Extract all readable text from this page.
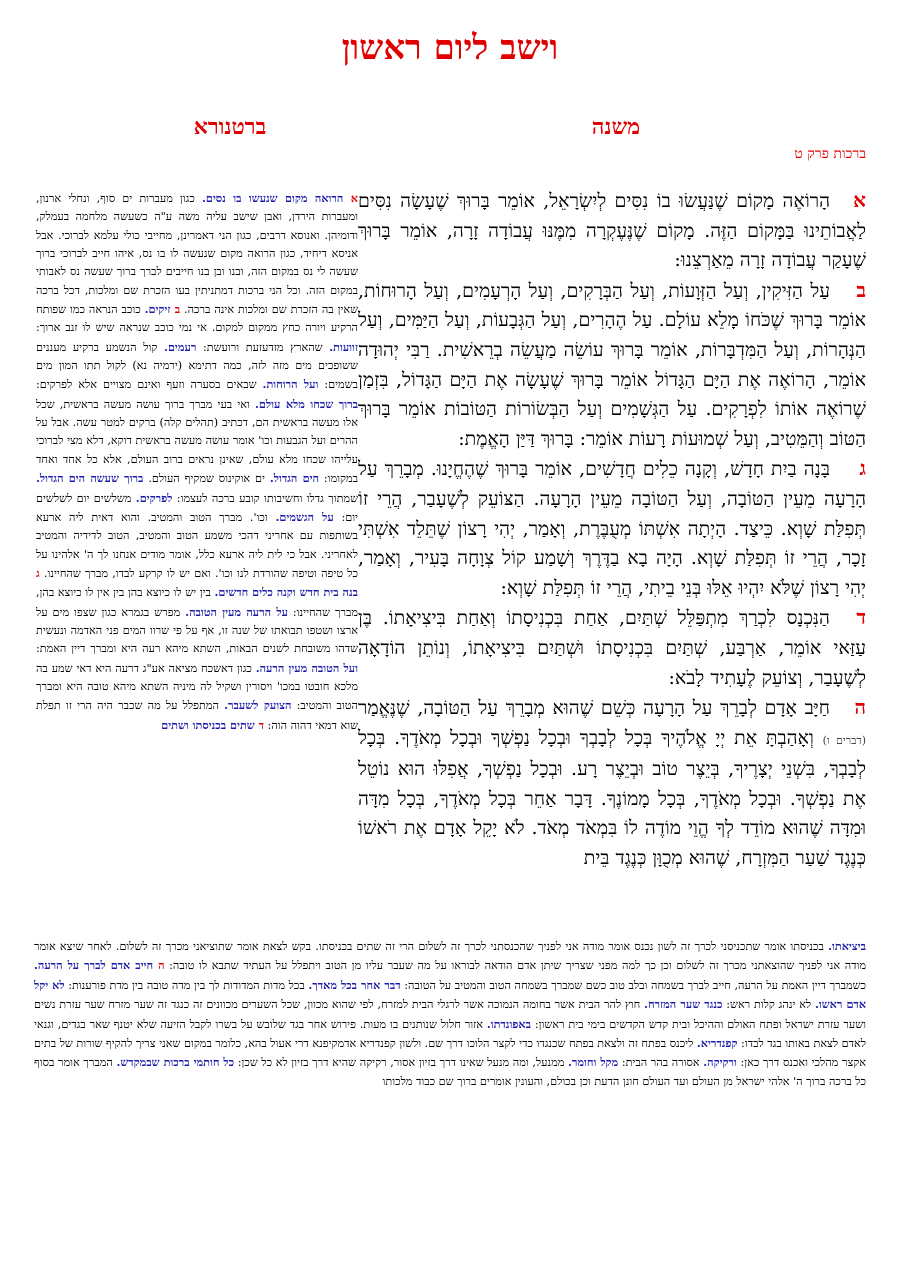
וישב ליום ראשון
משנה
ברטנורא
ברכות פרק ט

אהָרוֹאֶה מָקוֹם שֶׁנַּעֲשׂוּ בוֹ נִסִּים לְיִשְׂרָאֵל, אוֹמֵר בָּרוּךְ שֶׁעָשָׂה נִסִּים לַאֲבוֹתֵינוּ בַּמָּקוֹם הַזֶּה. מָקוֹם שֶׁנֶּעֶקְרָה מִמֶּנּוּ עֲבוֹדָה זָרָה, אוֹמֵר בָּרוּךְ שֶׁעָקַר עֲבוֹדָה זָרָה מֵאַרְצֵנוּ:

בעַל הַזִּיקִין, וְעַל הַזְּוָעוֹת, וְעַל הַבְּרָקִים, וְעַל הָרְעָמִים, וְעַל הָרוּחוֹת, אוֹמֵר בָּרוּךְ שֶׁכֹּחוֹ מָלֵא עוֹלָם. עַל הֶהָרִים, וְעַל הַגְּבָעוֹת, וְעַל הַיַּמִּים, וְעַל הַנְּהָרוֹת, וְעַל הַמִּדְבָּרוֹת, אוֹמֵר בָּרוּךְ עוֹשֵׂה מַעֲשֵׂה בְרֵאשִׁית. רַבִּי יְהוּדָה אוֹמֵר, הָרוֹאֶה אֶת הַיָּם הַגָּדוֹל אוֹמֵר בָּרוּךְ שֶׁעָשָׂה אֶת הַיָּם הַגָּדוֹל, בִּזְמַן שֶׁרוֹאֶה אוֹתוֹ לִפְרָקִים. עַל הַגְּשָׁמִים וְעַל הַבְּשׂוֹרוֹת הַטּוֹבוֹת אוֹמֵר בָּרוּךְ הַטּוֹב וְהַמֵּטִיב, וְעַל שְׁמוּעוֹת רָעוֹת אוֹמֵר: בָּרוּךְ דַּיַּן הָאֱמֶת:

גבָּנָה בַיִת חָדָשׁ, וְקָנָה כֵלִים חֲדָשִׁים, אוֹמֵר בָּרוּךְ שֶׁהֶחֱיָנוּ. מְבָרֵךְ עַל הָרָעָה מֵעֵין הַטּוֹבָה, וְעַל הַטּוֹבָה מֵעֵין הָרָעָה. הַצּוֹעֵק לְשֶׁעָבַר, הֲרֵי זוֹ תְּפִלַּת שָׁוְא. כֵּיצַד. הָיְתָה אִשְׁתּוֹ מְעֻבֶּרֶת, וְאָמַר, יְהִי רָצוֹן שֶׁתֵּלֵד אִשְׁתִּי זָכָר, הֲרֵי זוֹ תְּפִלַּת שָׁוְא. הָיָה בָא בַדֶּרֶךְ וְשָׁמַע קוֹל צְוָחָה בָּעִיר, וְאָמַר, יְהִי רָצוֹן שֶׁלֹּא יִהְיוּ אֵלּוּ בְּנֵי בֵיתִי, הֲרֵי זוֹ תְּפִלַּת שָׁוְא:

דהַנִּכְנָס לִכְרַךְ מִתְפַּלֵּל שְׁתַּיִם, אַחַת בִּכְנִיסָתוֹ וְאַחַת בִּיצִיאָתוֹ. בֶּן עַזַּאי אוֹמֵר, אַרְבַּע, שְׁתַּיִם בִּכְנִיסָתוֹ וּשְׁתַּיִם בִּיצִיאָתוֹ, וְנוֹתֵן הוֹדָאָה לְשֶׁעָבַר, וְצוֹעֵק לֶעָתִיד לָבֹא:

החַיָּב אָדָם לְבָרֵךְ עַל הָרָעָה כְּשֵׁם שֶׁהוּא מְבָרֵךְ עַל הַטּוֹבָה, שֶׁנֶּאֱמַר (דברים ו) וְאָהַבְתָּ אֵת יְיָ אֱלֹהֶיךָ בְּכָל לְבָבְךָ וּבְכָל נַפְשְׁךָ וּבְכָל מְאֹדֶךָ. בְּכָל לְבָבְךָ, בִּשְׁנֵי יְצָרֶיךָ, בְּיֵצֶר טוֹב וּבְיֵצֶר רָע. וּבְכָל נַפְשְׁךָ, אֲפִלּוּ הוּא נוֹטֵל אֶת נַפְשְׁךָ. וּבְכָל מְאֹדֶךָ, בְּכָל מָמוֹנֶךָ. דָּבָר אַחֵר בְּכָל מְאֹדֶךָ, בְּכָל מִדָּה וּמִדָּה שֶׁהוּא מוֹדֵד לְךָ הֱוֵי מוֹדֶה לוֹ בִּמְאֹד מְאֹד. לֹא יָקֵל אָדָם אֶת רֹאשׁוֹ כְּנֶגֶד שַׁעַר הַמִּזְרָח, שֶׁהוּא מְכֻוָּן כְּנֶגֶד בֵּית

א הרואה מקום שנעשו בו נסים. כגון מעברות ים סוף, ונחלי ארנון, ומעברות הירדן, ואבן שישב עליה משה ע"ה כשעשה מלחמה בעמלק, ודומיהן. ואנוסא דרבים, כגון הני דאמרינן, מחייבי כולי עלמא לברוכי. אבל אניסא דיחיד, כגון הרואה מקום שנעשה לו בו נס, איהו חייב לברוכי ברוך שעשה לי נס במקום הזה, ובנו ובן בנו חייבים לברך ברוך שעשה נס לאבותי במקום הזה. וכל הני ברכות דמתניתין בעו הזכרת שם ומלכות, דכל ברכה שאין בה הזכרת שם ומלכות אינה ברכה. ב זיקים. כוכב הנראה כמו שפותח הרקיע ויורה כחץ ממקום למקום. אי נמי כוכב שנראה שיש לו זנב ארוך: זוועות. שהארץ מזדעזעת ורועשת: רעמים. קול הנשמע ברקיע מעננים ששופכים מים מזה לזה, כמה דתימא (ירמיה נא) לקול תתו המון מים בשמים: ועל הרוחות. שבאים בסערה וזעף ואינם מצויים אלא לפרקים: ברוך שכחו מלא עולם. ואי בעי מברך ברוך עושה מעשה בראשית, שכל אלו מעשה בראשית הם, דכתיב (תהלים קלה) ברקים למטר עשה. אבל על ההרים ועל הגבעות וכו' אומר עושה מעשה בראשית דוקא, דלא מצי לברוכי עלייהו שכחו מלא עולם, שאינן נראים ברוב העולם, אלא כל אחד ואחד במקומו: הים הגדול. ים אוקינוס שמקיף העולם. ברוך שעשה הים הגדול. שמתוך גדלו וחשיבותו קובע ברכה לעצמו: לפרקים. משלשים יום לשלשים יום: על הגשמים. וכו'. מברך הטוב והמטיב. והוא דאית ליה ארעא בשותפות עם אחריני דהכי משמע הטוב והמטיב, הטוב לדידיה והמטיב לאחריני. אבל כי לית ליה ארעא כלל, אומר מודים אנחנו לך ה' אלהינו על כל טיפה וטיפה שהורדת לנו וכו'. ואם יש לו קרקע לבדו, מברך שהחיינו. ג בנה בית חדש וקנה כלים חדשים. בין יש לו כיוצא בהן בין אין לו כיוצא בהן, מברך שהחיינו: על הרעה מעין הטובה. מפרש בגמרא כגון שצפו מים על ארצו ושטפו תבואתו של שנה זו, אף על פי שרוו המים פני האדמה ונעשית שדהו משובחת לשנים הבאות, השתא מיהא רעה היא ומברך דיין האמת: ועל הטובה מעין הרעה. כגון דאשכח מציאה אע"ג דרעה היא דאי שמע בה מלכא חובטו במכו' ויסורין ושקיל לה מיניה השתא מיהא טובה היא ומברך הטוב והמטיב: הצועק לשעבר. המתפלל על מה שכבר היה הרי זו תפלת שוא דמאי דהוה הוה: ד שתים בכניסתו ושתים
ביציאתו. בכניסתו אומר שתכניסני לכרך זה לשון נכנס אומר מודה אני לפניך שהכנסתני לכרך זה לשלום הרי זה שתים בכניסתו. בקש לצאת אומר שתוציאני מכרך זה לשלום. לאחר שיצא אומר מודה אני לפניך שהוצאתני מכרך זה לשלום וכן כך למה מפני שצריך שיתן אדם הודאה לבוראו על מה שעבר עליו מן הטוב ויתפלל על העתיד שתבא לו טובה: ה חייב אדם לברך על הרעה. כשמברך דיין האמת על הרעה, חייב לברך בשמחה ובלב טוב כשם שמברך בשמחה הטוב והמטיב על הטובה: דבר אחר בכל מאדך. בכל מדות המדודות לך בין מדה טובה בין מדת פורענות: לא יקל אדם ראשו. לא ינהג קלות ראש: כנגד שער המזרח. חוץ להר הבית אשר בחומה הנמוכה אשר לרגלי הבית למזרח, לפי שהוא מכוון, שכל השערים מכוונים זה כנגד זה שער מזרח שער עזרת נשים ושער עזרת ישראל ופתח האולם וההיכל ובית קדש הקדשים בימי בית ראשון: באפונדתו. אזור חלול שנותנים בו מעות. פירוש אחר בגד שלובש על בשרו לקבל הזיעה שלא יטנף שאר בגדים, וגנאי לאדם לצאת באותו בגד לבדו: קפנדריא. ליכנס בפתח זה ולצאת בפתח שכנגדו כדי לקצר הלוכו דרך שם. ולשון קפנדריא אדמקיפנא דרי אעול בהא, כלומר במקום שאני צריך להקיף שורות של בתים אקצר מהלכי ואכנס דרך כאן: ורקיקה. אסורה בהר הבית: מקל וחומר. ממנעל, ומה מנעל שאינו דרך בזיון אסור, רקיקה שהיא דרך בזיון לא כל שכן: כל חותמי ברכות שבמקדש. המברך אומר בסוף כל ברכה ברוך ה' אלהי ישראל מן העולם ועד העולם חונן הדעת וכן בכולם, והעונין אומרים ברוך שם כבוד מלכותו
